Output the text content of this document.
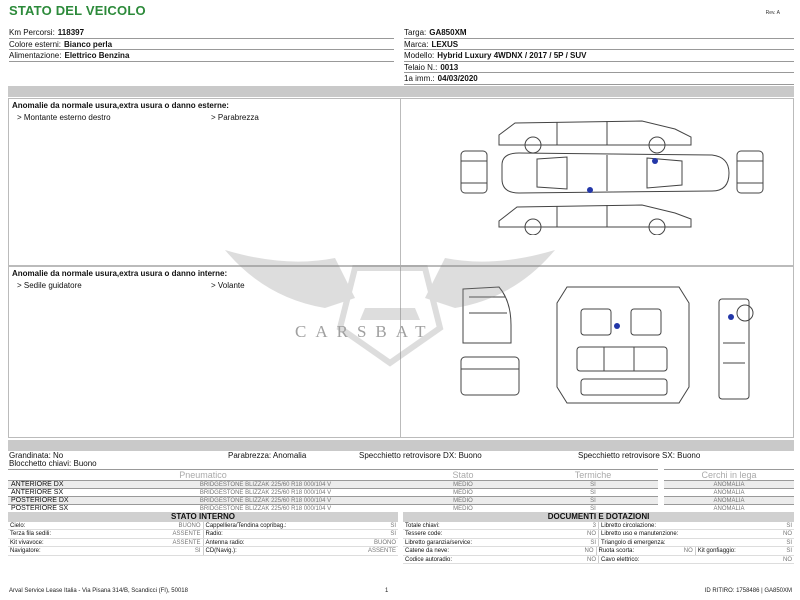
STATO DEL VEICOLO	Rev. A
Km Percorsi: 118397
Colore esterni: Bianco perla
Alimentazione: Elettrico Benzina
Targa: GA850XM
Marca: LEXUS
Modello: Hybrid Luxury 4WDNX / 2017 / 5P / SUV
Telaio N.: 0013
1a imm.: 04/03/2020
Anomalie da normale usura,extra usura o danno esterne:
> Montante esterno destro	> Parabrezza
Anomalie da normale usura,extra usura o danno interne:
> Sedile guidatore	> Volante
CARSBAT
Grandinata: No	Parabrezza: Anomalia	Specchietto retrovisore DX: Buono	Specchietto retrovisore SX: Buono
Blocchetto chiavi: Buono
Pneumatico		Stato	Termiche		Cerchi in lega
ANTERIORE DX	BRIDGESTONE BLIZZAK 225/60 R18 000/104 V	MEDIO	SI		ANOMALIA
ANTERIORE SX	BRIDGESTONE BLIZZAK 225/60 R18 000/104 V	MEDIO	SI		ANOMALIA
POSTERIORE DX	BRIDGESTONE BLIZZAK 225/60 R18 000/104 V	MEDIO	SI		ANOMALIA
POSTERIORE SX	BRIDGESTONE BLIZZAK 225/60 R18 000/104 V	MEDIO	SI		ANOMALIA
STATO INTERNO
Cielo:	BUONO Cappelliera/Tendina copribag.:	SI
Terza fila sedili:	ASSENTE Radio:	SI
Kit vivavoce:	ASSENTE Antenna radio:	BUONO
Navigatore:	SI CD(Navig.):	ASSENTE
DOCUMENTI E DOTAZIONI
Totale chiavi:	3 Libretto circolazione:	SI
Tessere code:	NO Libretto uso e manutenzione:	NO
Libretto garanzia/service:	SI Triangolo di emergenza:	SI
Catene da neve:	NO Ruota scorta:	NO Kit gonfiaggio:	SI
Codice autoradio:	NO Cavo elettrico:	NO
Arval Service Lease Italia - Via Pisana 314/B, Scandicci (FI), 50018	1	ID RITIRO: 1758486 | GA850XM
